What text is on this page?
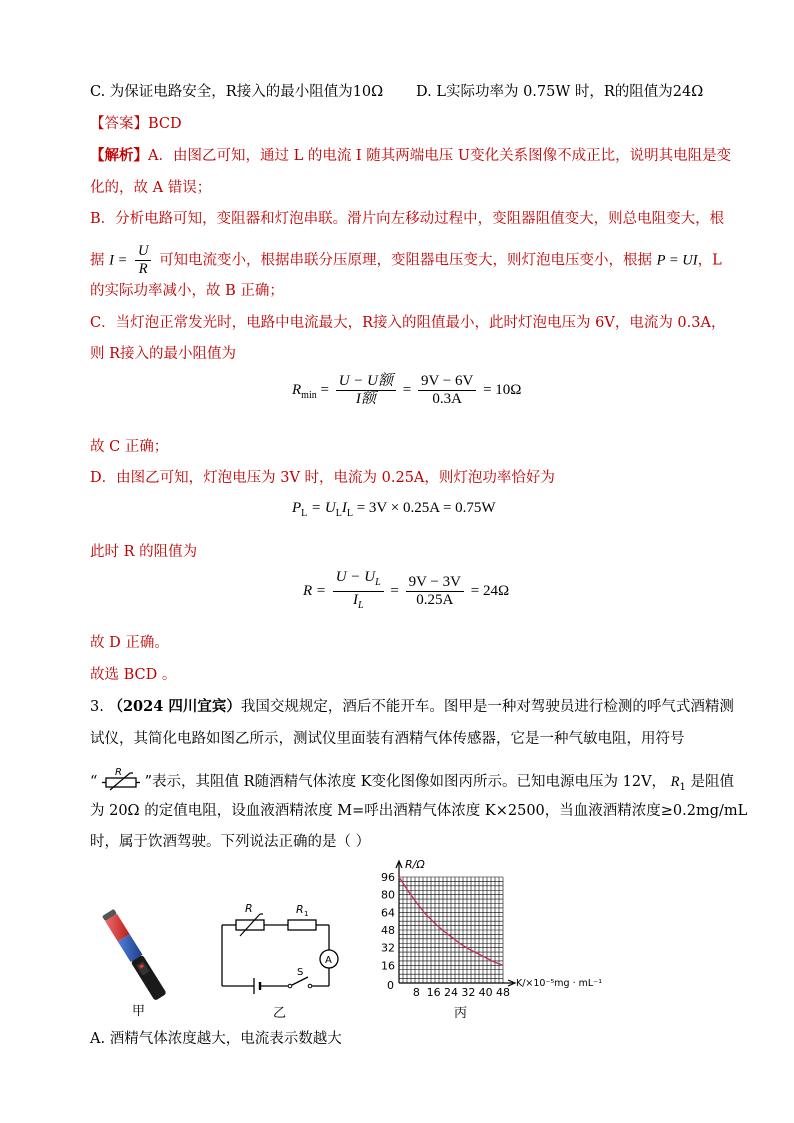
C. 为保证电路安全，R接入的最小阻值为10Ω D. L实际功率为 0.75W 时，R的阻值为24Ω
【答案】BCD
【解析】A．由图乙可知，通过 L 的电流 I 随其两端电压 U变化关系图像不成正比，说明其电阻是变
化的，故 A 错误；
B．分析电路可知，变阻器和灯泡串联。滑片向左移动过程中，变阻器阻值变大，则总电阻变大，根
据 $I = \frac{U}{R}$ 可知电流变小，根据串联分压原理，变阻器电压变大，则灯泡电压变小，根据 P = UI，L
的实际功率减小，故 B 正确；
C．当灯泡正常发光时，电路中电流最大，R接入的阻值最小，此时灯泡电压为 6V，电流为 0.3A，
则 R接入的最小阻值为
$R_{min} = \frac{\text{U − U额}}{\text{I额}} = \frac{9V - 6V}{0.3A} = 10\Omega$
故 C 正确；
D．由图乙可知，灯泡电压为 3V 时，电流为 0.25A，则灯泡功率恰好为
$P_L = U_LI_L = 3V \times 0.25A = 0.75W$
此时 R 的阻值为
$R = \frac{U - U_L}{I_L} = \frac{9V - 3V}{0.25A} = 24\Omega$
故 D 正确。
故选 BCD 。
3. （2024 四川宜宾）我国交规规定，酒后不能开车。图甲是一种对驾驶员进行检测的呼气式酒精测
试仪，其简化电路如图乙所示，测试仪里面装有酒精气体传感器，它是一种气敏电阻，用符号
“
R
”表示，其阻值 R随酒精气体浓度 K变化图像如图丙所示。已知电源电压为 12V， $R_1$ 是阻值
为 20Ω 的定值电阻，设血液酒精浓度 M=呼出酒精气体浓度 K×2500，当血液酒精浓度≥0.2mg/mL
时，属于饮酒驾驶。下列说法正确的是（ ）
甲
R	R 1
A
S
乙
16
32
48
64
80
96
8 16 24 32 40 48
R/Ω
K/×10⁻⁵mg · mL⁻¹
0
丙
A. 酒精气体浓度越大，电流表示数越大
